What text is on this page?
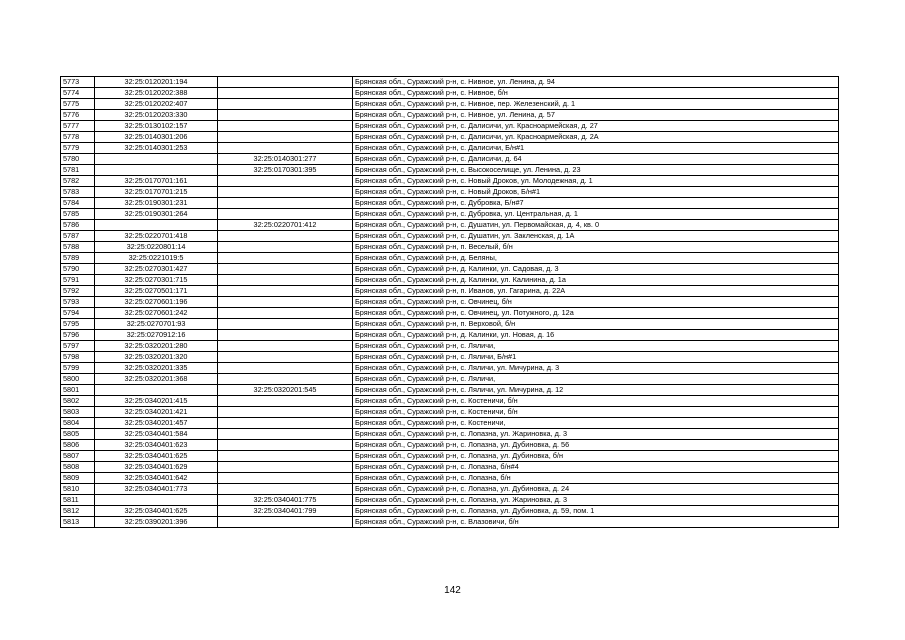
5773	32:25:0120201:194		Брянская обл., Суражский р-н, с. Нивное, ул. Ленина, д. 94
5774	32:25:0120202:388		Брянская обл., Суражский р-н, с. Нивное, б/н
5775	32:25:0120202:407		Брянская обл., Суражский р-н, с. Нивное, пер. Железенский, д. 1
5776	32:25:0120203:330		Брянская обл., Суражский р-н, с. Нивное, ул. Ленина, д. 57
5777	32:25:0130102:157		Брянская обл., Суражский р-н, с. Далисичи, ул. Красноармейская, д. 27
5778	32:25:0140301:206		Брянская обл., Суражский р-н, с. Далисичи, ул. Красноармейская, д. 2А
5779	32:25:0140301:253		Брянская обл., Суражский р-н, с. Далисичи, Б/н#1
5780		32:25:0140301:277	Брянская обл., Суражский р-н, с. Далисичи, д. 64
5781		32:25:0170301:395	Брянская обл., Суражский р-н, с. Высокоселище, ул. Ленина, д. 23
5782	32:25:0170701:161		Брянская обл., Суражский р-н, с. Новый Дроков, ул. Молодежная, д. 1
5783	32:25:0170701:215		Брянская обл., Суражский р-н, с. Новый Дроков, Б/н#1
5784	32:25:0190301:231		Брянская обл., Суражский р-н, с. Дубровка, Б/н#7
5785	32:25:0190301:264		Брянская обл., Суражский р-н, с. Дубровка, ул. Центральная, д. 1
5786		32:25:0220701:412	Брянская обл., Суражский р-н, с. Душатин, ул. Первомайская, д. 4, кв. 0
5787	32:25:0220701:418		Брянская обл., Суражский р-н, с. Душатин, ул. Закленская, д. 1А
5788	32:25:0220801:14		Брянская обл., Суражский р-н, п. Веселый, б/н
5789	32:25:0221019:5		Брянская обл., Суражский р-н, д. Беляны,
5790	32:25:0270301:427		Брянская обл., Суражский р-н, д. Калинки, ул. Садовая, д. 3
5791	32:25:0270301:715		Брянская обл., Суражский р-н, д. Калинки, ул. Калинина, д. 1а
5792	32:25:0270501:171		Брянская обл., Суражский р-н, п. Иванов, ул. Гагарина, д. 22А
5793	32:25:0270601:196		Брянская обл., Суражский р-н, с. Овчинец, б/н
5794	32:25:0270601:242		Брянская обл., Суражский р-н, с. Овчинец, ул. Потужного, д. 12а
5795	32:25:0270701:93		Брянская обл., Суражский р-н, п. Верховой, б/н
5796	32:25:0270912:16		Брянская обл., Суражский р-н, д. Калинки, ул. Новая, д. 16
5797	32:25:0320201:280		Брянская обл., Суражский р-н, с. Ляличи,
5798	32:25:0320201:320		Брянская обл., Суражский р-н, с. Ляличи, Б/н#1
5799	32:25:0320201:335		Брянская обл., Суражский р-н, с. Ляличи, ул. Мичурина, д. 3
5800	32:25:0320201:368		Брянская обл., Суражский р-н, с. Ляличи,
5801		32:25:0320201:545	Брянская обл., Суражский р-н, с. Ляличи, ул. Мичурина, д. 12
5802	32:25:0340201:415		Брянская обл., Суражский р-н, с. Костеничи, б/н
5803	32:25:0340201:421		Брянская обл., Суражский р-н, с. Костеничи, б/н
5804	32:25:0340201:457		Брянская обл., Суражский р-н, с. Костеничи,
5805	32:25:0340401:584		Брянская обл., Суражский р-н, с. Лопазна, ул. Жариновка, д. 3
5806	32:25:0340401:623		Брянская обл., Суражский р-н, с. Лопазна, ул. Дубиновка, д. 56
5807	32:25:0340401:625		Брянская обл., Суражский р-н, с. Лопазна, ул. Дубиновка, б/н
5808	32:25:0340401:629		Брянская обл., Суражский р-н, с. Лопазна, б/н#4
5809	32:25:0340401:642		Брянская обл., Суражский р-н, с. Лопазна, б/н
5810	32:25:0340401:773		Брянская обл., Суражский р-н, с. Лопазна, ул. Дубиновка, д. 24
5811		32:25:0340401:775	Брянская обл., Суражский р-н, с. Лопазна, ул. Жариновка, д. 3
5812	32:25:0340401:625	32:25:0340401:799	Брянская обл., Суражский р-н, с. Лопазна, ул. Дубиновка, д. 59, пом. 1
5813	32:25:0390201:396		Брянская обл., Суражский р-н, с. Влазовичи, б/н
142
